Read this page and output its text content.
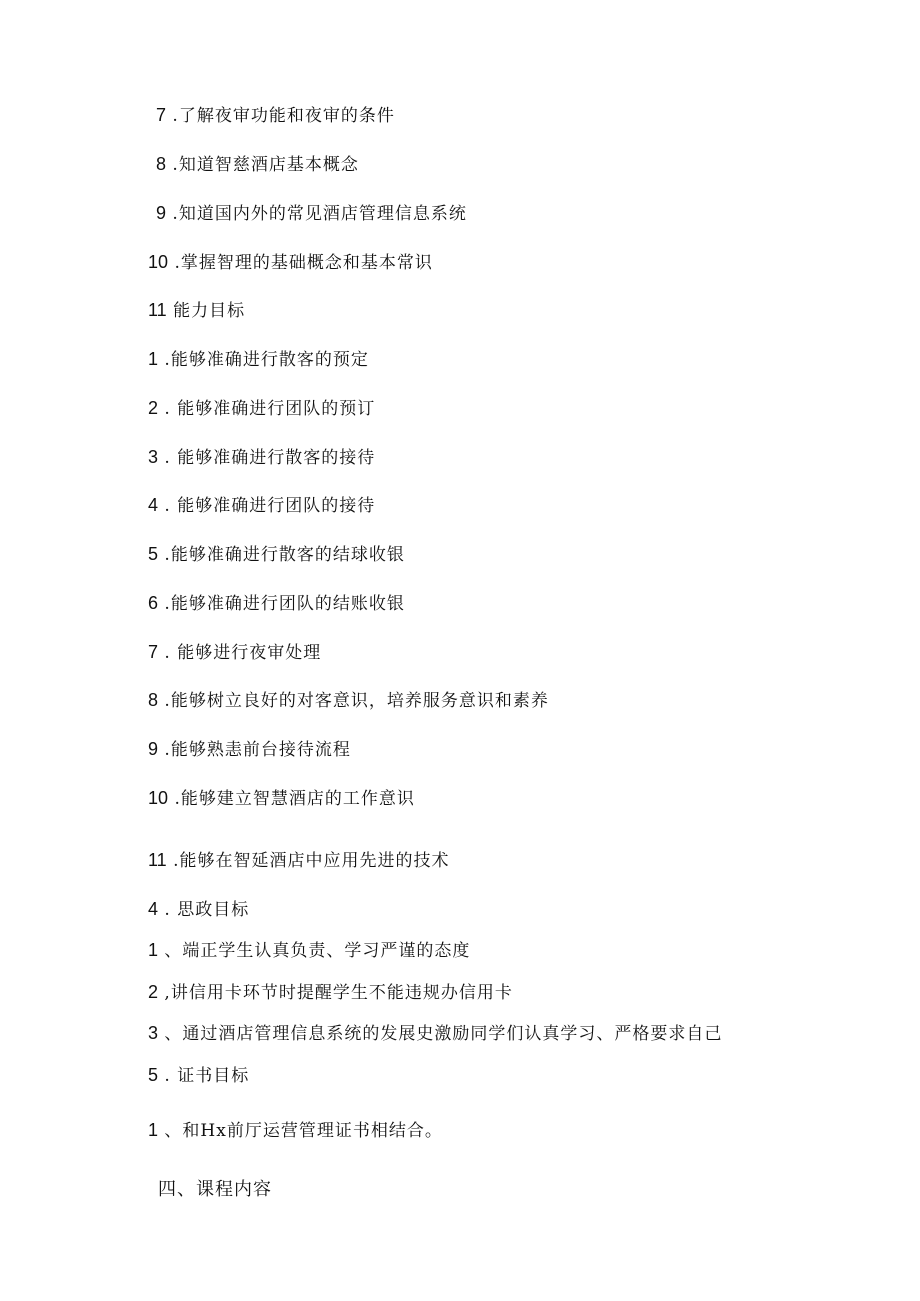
7 .了解夜审功能和夜审的条件
8 .知道智慈酒店基本概念
9 .知道国内外的常见酒店管理信息系统
10 .掌握智理的基础概念和基本常识
11 能力目标
1 .能够准确进行散客的预定
2 . 能够准确进行团队的预订
3 . 能够准确进行散客的接待
4 . 能够准确进行团队的接待
5 .能够准确进行散客的结球收银
6 .能够准确进行团队的结账收银
7 . 能够进行夜审处理
8 .能够树立良好的对客意识，培养服务意识和素养
9 .能够熟恚前台接待流程
10 .能够建立智慧酒店的工作意识
11 .能够在智延酒店中应用先进的技术
4 . 思政目标
1 、端正学生认真负责、学习严谨的态度
2 ,讲信用卡环节时提醒学生不能违规办信用卡
3 、通过酒店管理信息系统的发展史激励同学们认真学习、严格要求自己
5 . 证书目标
1 、和Hx前厅运营管理证书相结合。
四、课程内容
